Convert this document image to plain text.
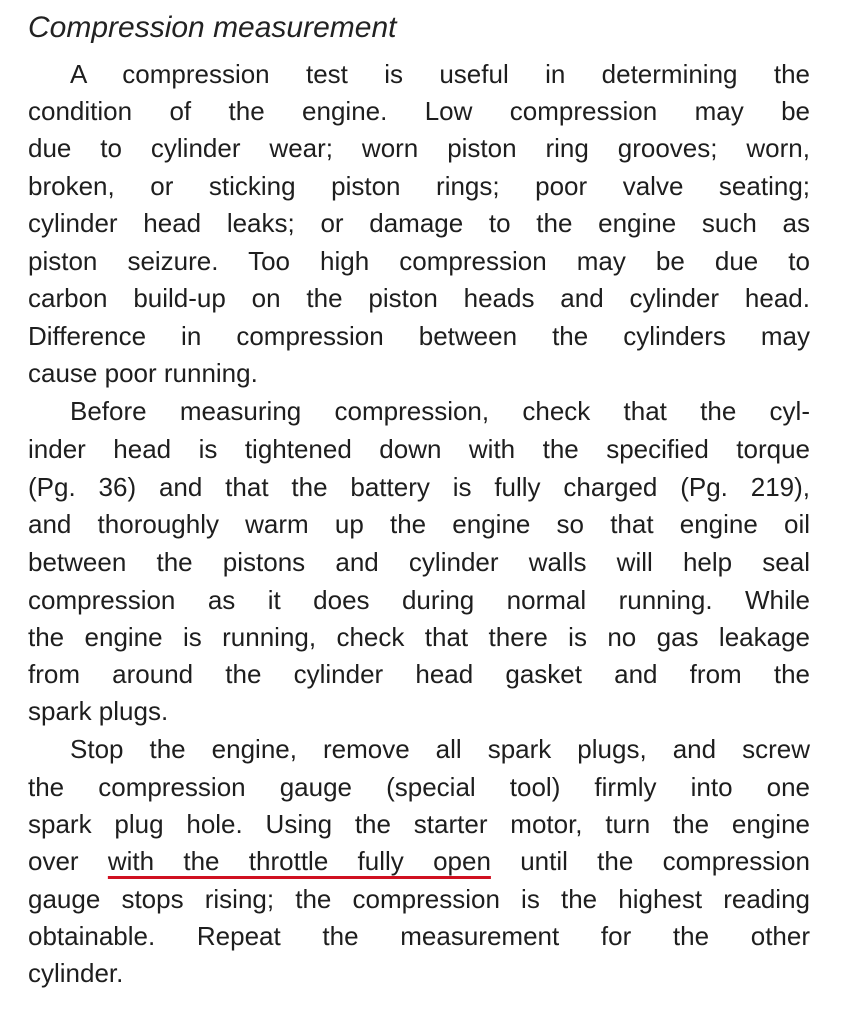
Compression measurement
A compression test is useful in determining the
condition of the engine. Low compression may be
due to cylinder wear; worn piston ring grooves; worn,
broken, or sticking piston rings; poor valve seating;
cylinder head leaks; or damage to the engine such as
piston seizure. Too high compression may be due to
carbon build-up on the piston heads and cylinder head.
Difference in compression between the cylinders may
cause poor running.
Before measuring compression, check that the cyl-
inder head is tightened down with the specified torque
(Pg. 36) and that the battery is fully charged (Pg. 219),
and thoroughly warm up the engine so that engine oil
between the pistons and cylinder walls will help seal
compression as it does during normal running. While
the engine is running, check that there is no gas leakage
from around the cylinder head gasket and from the
spark plugs.
Stop the engine, remove all spark plugs, and screw
the compression gauge (special tool) firmly into one
spark plug hole. Using the starter motor, turn the engine
over with the throttle fully open until the compression
gauge stops rising; the compression is the highest reading
obtainable. Repeat the measurement for the other
cylinder.
